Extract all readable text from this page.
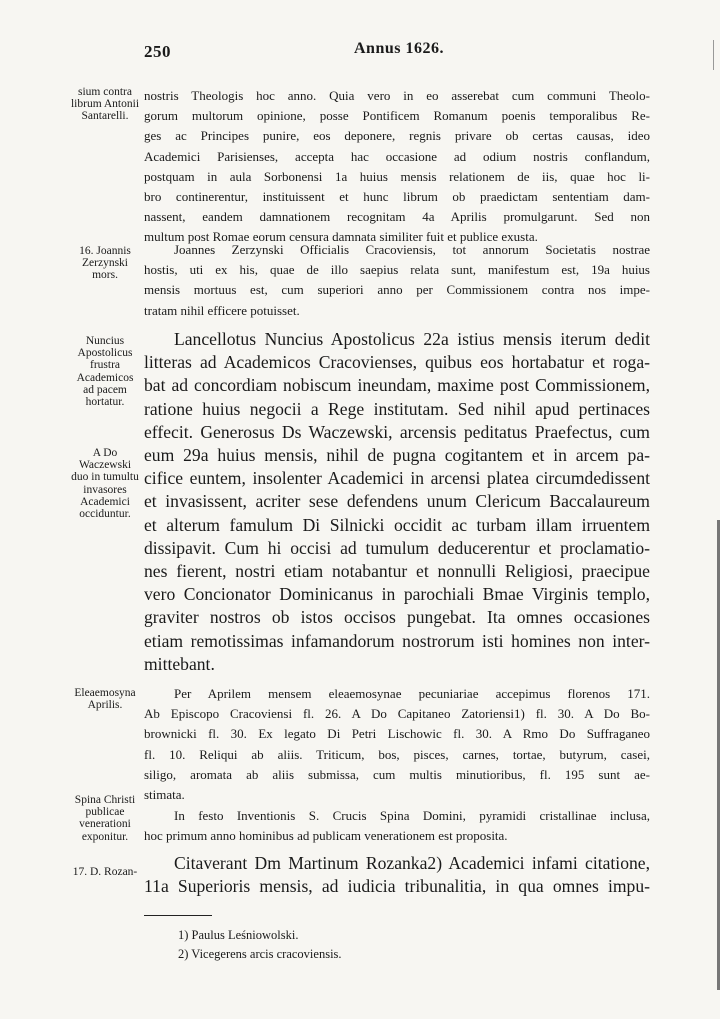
250	Annus 1626.
sium contra librum Antonii Santarelli.
16. Joannis Zerzynski mors.
Nuncius Apostolicus frustra Academicos ad pacem hortatur.
A Do Waczewski duo in tumultu invasores Academici occiduntur.
Eleaemosyna Aprilis.
Spina Christi publicae venerationi exponitur.
17. D. Rozan-
nostris Theologis hoc anno. Quia vero in eo asserebat cum communi Theolo-
gorum multorum opinione, posse Pontificem Romanum poenis temporalibus Re-
ges ac Principes punire, eos deponere, regnis privare ob certas causas, ideo
Academici Parisienses, accepta hac occasione ad odium nostris conflandum,
postquam in aula Sorbonensi 1a huius mensis relationem de iis, quae hoc li-
bro continerentur, instituissent et hunc librum ob praedictam sententiam dam-
nassent, eandem damnationem recognitam 4a Aprilis promulgarunt. Sed non
multum post Romae eorum censura damnata similiter fuit et publice exusta.
Joannes Zerzynski Officialis Cracoviensis, tot annorum Societatis nostrae
hostis, uti ex his, quae de illo saepius relata sunt, manifestum est, 19a huius
mensis mortuus est, cum superiori anno per Commissionem contra nos impe-
tratam nihil efficere potuisset.
Lancellotus Nuncius Apostolicus 22a istius mensis iterum dedit
litteras ad Academicos Cracovienses, quibus eos hortabatur et roga-
bat ad concordiam nobiscum ineundam, maxime post Commissionem,
ratione huius negocii a Rege institutam. Sed nihil apud pertinaces
effecit. Generosus Ds Waczewski, arcensis peditatus Praefectus, cum
eum 29a huius mensis, nihil de pugna cogitantem et in arcem pa-
cifice euntem, insolenter Academici in arcensi platea circumdedissent
et invasissent, acriter sese defendens unum Clericum Baccalaureum
et alterum famulum Di Silnicki occidit ac turbam illam irruentem
dissipavit. Cum hi occisi ad tumulum deducerentur et proclamatio-
nes fierent, nostri etiam notabantur et nonnulli Religiosi, praecipue
vero Concionator Dominicanus in parochiali Bmae Virginis templo,
graviter nostros ob istos occisos pungebat. Ita omnes occasiones
etiam remotissimas infamandorum nostrorum isti homines non inter-
mittebant.
Per Aprilem mensem eleaemosynae pecuniariae accepimus florenos 171.
Ab Episcopo Cracoviensi fl. 26. A Do Capitaneo Zatoriensi1) fl. 30. A Do Bo-
brownicki fl. 30. Ex legato Di Petri Lischowic fl. 30. A Rmo Do Suffraganeo
fl. 10. Reliqui ab aliis. Triticum, bos, pisces, carnes, tortae, butyrum, casei,
siligo, aromata ab aliis submissa, cum multis minutioribus, fl. 195 sunt ae-
stimata.
In festo Inventionis S. Crucis Spina Domini, pyramidi cristallinae inclusa,
hoc primum anno hominibus ad publicam venerationem est proposita.
Citaverant Dm Martinum Rozanka2) Academici infami citatione,
11a Superioris mensis, ad iudicia tribunalitia, in qua omnes impu-
1) Paulus Leśniowolski.
2) Vicegerens arcis cracoviensis.
